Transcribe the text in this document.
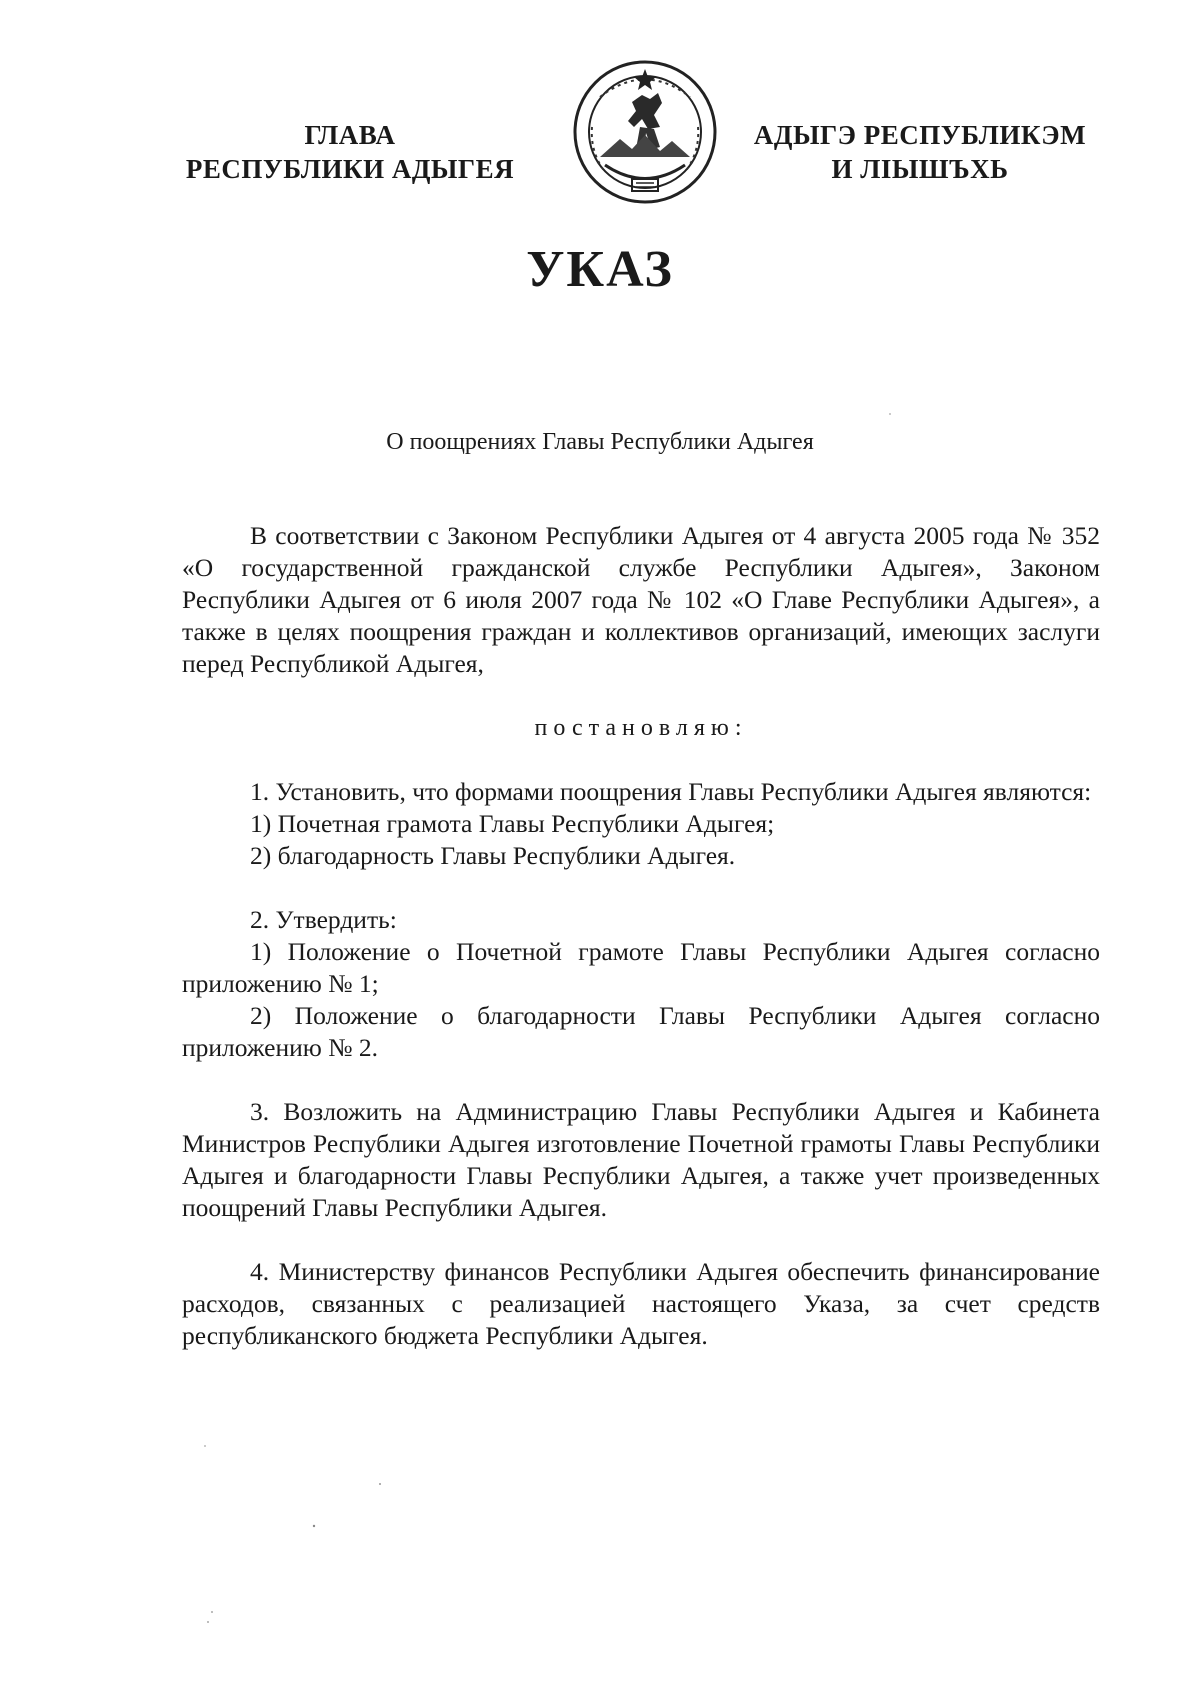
ГЛАВА
РЕСПУБЛИКИ АДЫГЕЯ
АДЫГЭ РЕСПУБЛИКЭМ
И ЛІЫШЪХЬ
УКАЗ
О поощрениях Главы Республики Адыгея

В соответствии с Законом Республики Адыгея от 4 августа 2005 года № 352 «О государственной гражданской службе Республики Адыгея», Законом Республики Адыгея от 6 июля 2007 года № 102 «О Главе Республики Адыгея», а также в целях поощрения граждан и коллективов организаций, имеющих заслуги перед Республикой Адыгея,

постановляю:

1. Установить, что формами поощрения Главы Республики Адыгея являются:

1) Почетная грамота Главы Республики Адыгея;

2) благодарность Главы Республики Адыгея.

2. Утвердить:

1) Положение о Почетной грамоте Главы Республики Адыгея согласно приложению № 1;

2) Положение о благодарности Главы Республики Адыгея согласно приложению № 2.

3. Возложить на Администрацию Главы Республики Адыгея и Кабинета Министров Республики Адыгея изготовление Почетной грамоты Главы Республики Адыгея и благодарности Главы Республики Адыгея, а также учет произведенных поощрений Главы Республики Адыгея.

4. Министерству финансов Республики Адыгея обеспечить финансирование расходов, связанных с реализацией настоящего Указа, за счет средств республиканского бюджета Республики Адыгея.
